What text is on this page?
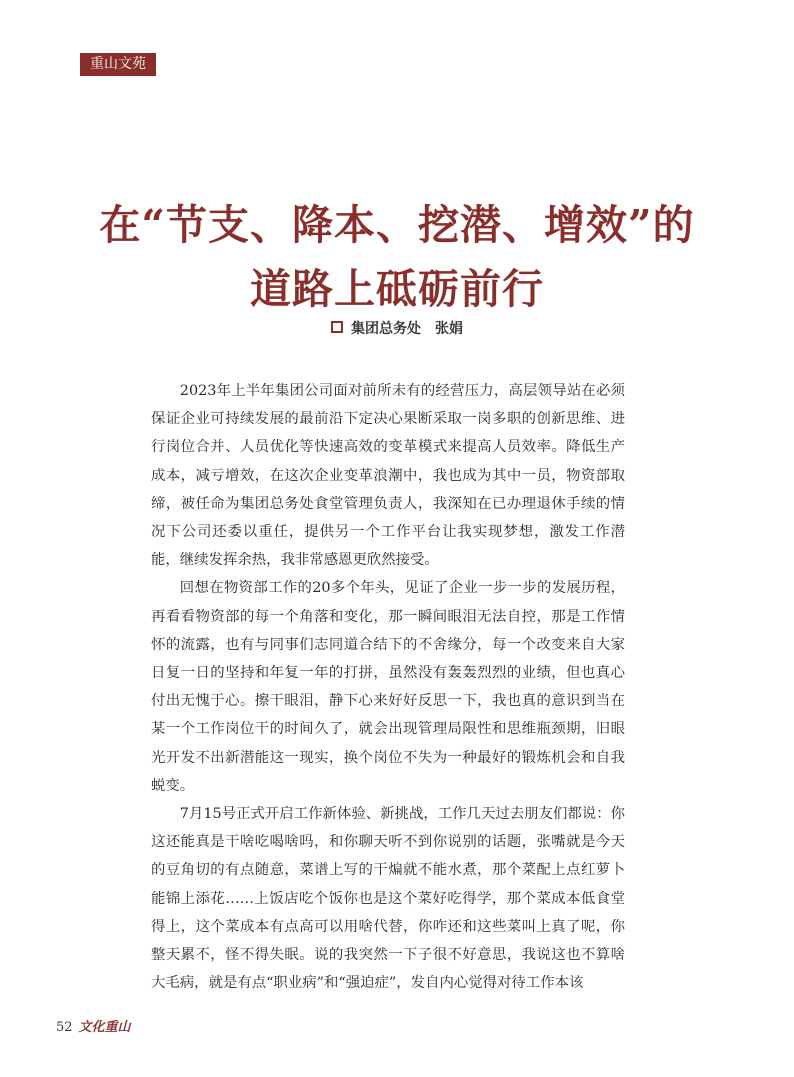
重山文苑
在“节支、降本、挖潜、增效”的
道路上砥砺前行
集团总务处 张娟

2023年上半年集团公司面对前所未有的经营压力，高层领导站在必须保证企业可持续发展的最前沿下定决心果断采取一岗多职的创新思维、进行岗位合并、人员优化等快速高效的变革模式来提高人员效率。降低生产成本，减亏增效，在这次企业变革浪潮中，我也成为其中一员，物资部取缔，被任命为集团总务处食堂管理负责人，我深知在已办理退休手续的情况下公司还委以重任，提供另一个工作平台让我实现梦想，激发工作潜能，继续发挥余热，我非常感恩更欣然接受。

回想在物资部工作的20多个年头，见证了企业一步一步的发展历程，再看看物资部的每一个角落和变化，那一瞬间眼泪无法自控，那是工作情怀的流露，也有与同事们志同道合结下的不舍缘分，每一个改变来自大家日复一日的坚持和年复一年的打拼，虽然没有轰轰烈烈的业绩，但也真心付出无愧于心。擦干眼泪，静下心来好好反思一下，我也真的意识到当在某一个工作岗位干的时间久了，就会出现管理局限性和思维瓶颈期，旧眼光开发不出新潜能这一现实，换个岗位不失为一种最好的锻炼机会和自我蜕变。

7月15号正式开启工作新体验、新挑战，工作几天过去朋友们都说：你这还能真是干啥吃喝啥吗，和你聊天听不到你说别的话题，张嘴就是今天的豆角切的有点随意，菜谱上写的干煸就不能水煮，那个菜配上点红萝卜能锦上添花……上饭店吃个饭你也是这个菜好吃得学，那个菜成本低食堂得上，这个菜成本有点高可以用啥代替，你咋还和这些菜叫上真了呢，你整天累不，怪不得失眠。说的我突然一下子很不好意思，我说这也不算啥大毛病，就是有点“职业病”和“强迫症”，发自内心觉得对待工作本该

52 文化重山
